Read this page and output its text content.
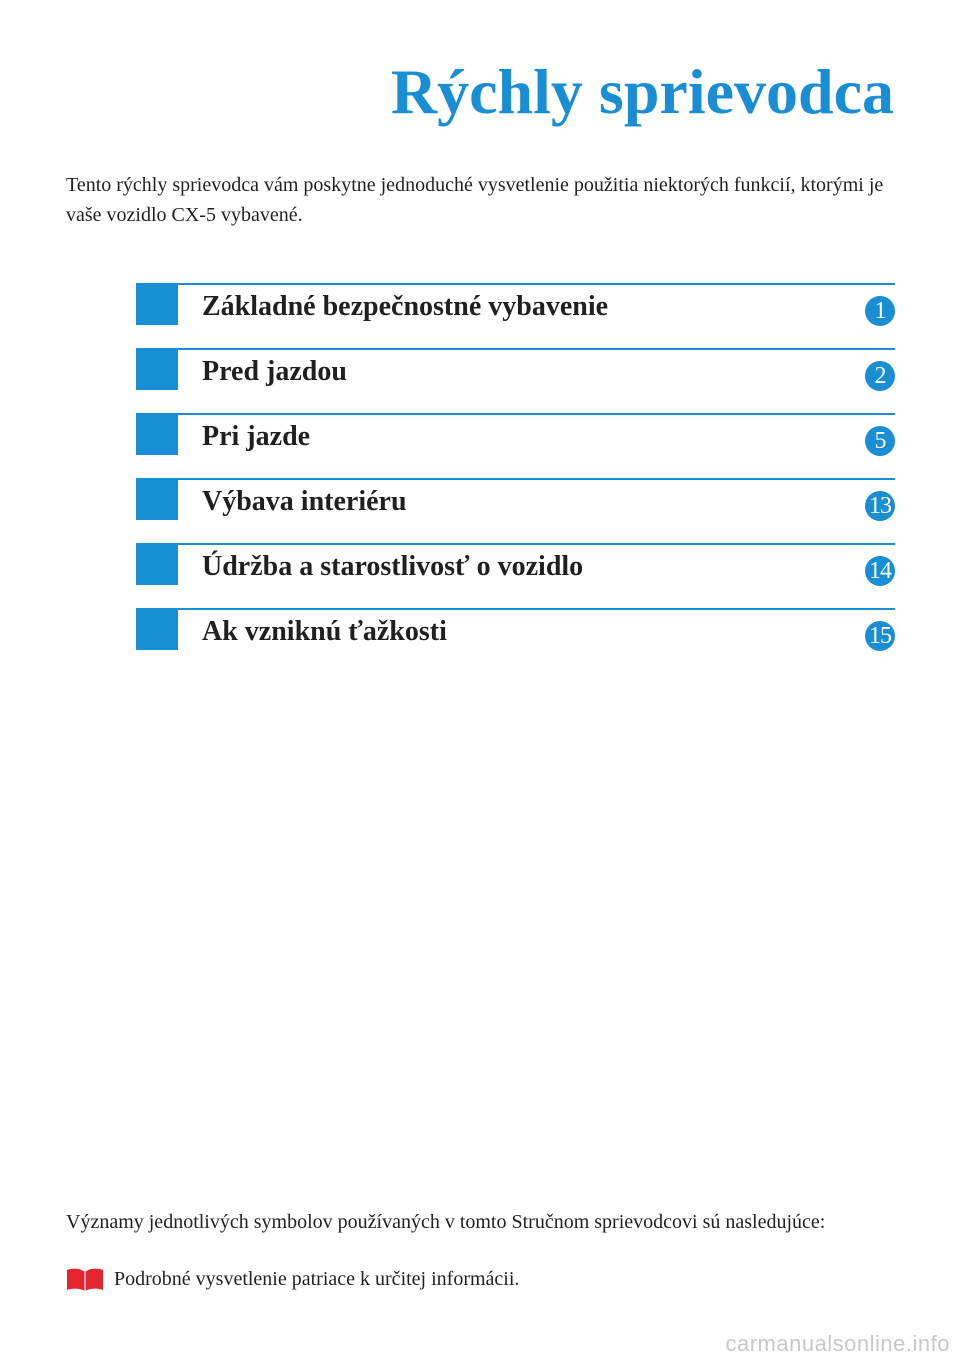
Rýchly sprievodca
Tento rýchly sprievodca vám poskytne jednoduché vysvetlenie použitia niektorých funkcií, ktorými je vaše vozidlo CX-5 vybavené.
Základné bezpečnostné vybavenie	1
Pred jazdou	2
Pri jazde	5
Výbava interiéru	13
Údržba a starostlivosť o vozidlo	14
Ak vzniknú ťažkosti	15
Významy jednotlivých symbolov používaných v tomto Stručnom sprievodcovi sú nasledujúce:
Podrobné vysvetlenie patriace k určitej informácii.
carmanualsonline.info
